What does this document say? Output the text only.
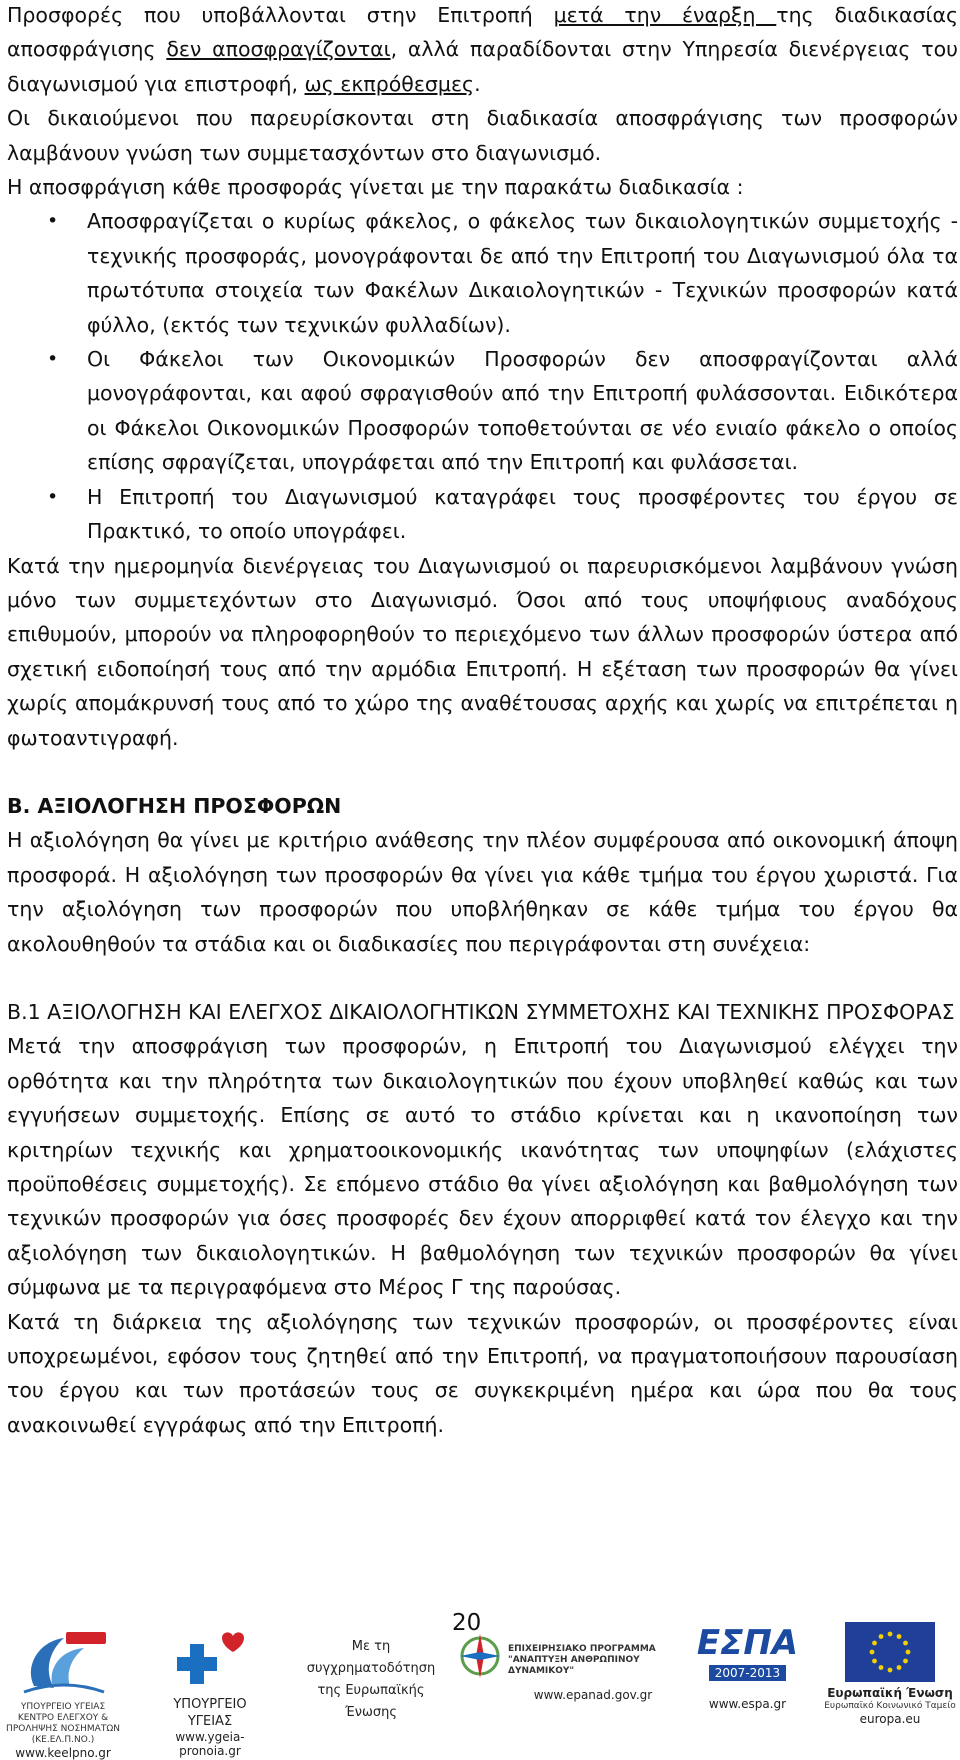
Προσφορές που υποβάλλονται στην Επιτροπή μετά την έναρξη της διαδικασίας αποσφράγισης δεν αποσφραγίζονται, αλλά παραδίδονται στην Υπηρεσία διενέργειας του διαγωνισμού για επιστροφή, ως εκπρόθεσμες.

Οι δικαιούμενοι που παρευρίσκονται στη διαδικασία αποσφράγισης των προσφορών λαμβάνουν γνώση των συμμετασχόντων στο διαγωνισμό.

Η αποσφράγιση κάθε προσφοράς γίνεται με την παρακάτω διαδικασία :

• Αποσφραγίζεται ο κυρίως φάκελος, ο φάκελος των δικαιολογητικών συμμετοχής - τεχνικής προσφοράς, μονογράφονται δε από την Επιτροπή του Διαγωνισμού όλα τα πρωτότυπα στοιχεία των Φακέλων Δικαιολογητικών - Τεχνικών προσφορών κατά φύλλο, (εκτός των τεχνικών φυλλαδίων).
• Οι Φάκελοι των Οικονομικών Προσφορών δεν αποσφραγίζονται αλλά μονογράφονται, και αφού σφραγισθούν από την Επιτροπή φυλάσσονται. Ειδικότερα οι Φάκελοι Οικονομικών Προσφορών τοποθετούνται σε νέο ενιαίο φάκελο ο οποίος επίσης σφραγίζεται, υπογράφεται από την Επιτροπή και φυλάσσεται.
• Η Επιτροπή του Διαγωνισμού καταγράφει τους προσφέροντες του έργου σε Πρακτικό, το οποίο υπογράφει.

Κατά την ημερομηνία διενέργειας του Διαγωνισμού οι παρευρισκόμενοι λαμβάνουν γνώση μόνο των συμμετεχόντων στο Διαγωνισμό. Όσοι από τους υποψήφιους αναδόχους επιθυμούν, μπορούν να πληροφορηθούν το περιεχόμενο των άλλων προσφορών ύστερα από σχετική ειδοποίησή τους από την αρμόδια Επιτροπή. Η εξέταση των προσφορών θα γίνει χωρίς απομάκρυνσή τους από το χώρο της αναθέτουσας αρχής και χωρίς να επιτρέπεται η φωτοαντιγραφή.

Β. ΑΞΙΟΛΟΓΗΣΗ ΠΡΟΣΦΟΡΩΝ

Η αξιολόγηση θα γίνει με κριτήριο ανάθεσης την πλέον συμφέρουσα από οικονομική άποψη προσφορά. Η αξιολόγηση των προσφορών θα γίνει για κάθε τμήμα του έργου χωριστά. Για την αξιολόγηση των προσφορών που υποβλήθηκαν σε κάθε τμήμα του έργου θα ακολουθηθούν τα στάδια και οι διαδικασίες που περιγράφονται στη συνέχεια:

Β.1 ΑΞΙΟΛΟΓΗΣΗ ΚΑΙ ΕΛΕΓΧΟΣ ΔΙΚΑΙΟΛΟΓΗΤΙΚΩΝ ΣΥΜΜΕΤΟΧΗΣ ΚΑΙ ΤΕΧΝΙΚΗΣ ΠΡΟΣΦΟΡΑΣ

Μετά την αποσφράγιση των προσφορών, η Επιτροπή του Διαγωνισμού ελέγχει την ορθότητα και την πληρότητα των δικαιολογητικών που έχουν υποβληθεί καθώς και των εγγυήσεων συμμετοχής. Επίσης σε αυτό το στάδιο κρίνεται και η ικανοποίηση των κριτηρίων τεχνικής και χρηματοοικονομικής ικανότητας των υποψηφίων (ελάχιστες προϋποθέσεις συμμετοχής). Σε επόμενο στάδιο θα γίνει αξιολόγηση και βαθμολόγηση των τεχνικών προσφορών για όσες προσφορές δεν έχουν απορριφθεί κατά τον έλεγχο και την αξιολόγηση των δικαιολογητικών. Η βαθμολόγηση των τεχνικών προσφορών θα γίνει σύμφωνα με τα περιγραφόμενα στο Μέρος Γ της παρούσας.

Κατά τη διάρκεια της αξιολόγησης των τεχνικών προσφορών, οι προσφέροντες είναι υποχρεωμένοι, εφόσον τους ζητηθεί από την Επιτροπή, να πραγματοποιήσουν παρουσίαση του έργου και των προτάσεών τους σε συγκεκριμένη ημέρα και ώρα που θα τους ανακοινωθεί εγγράφως από την Επιτροπή.

20
ΥΠΟΥΡΓΕΙΟ ΥΓΕΙΑΣ ΚΕΝΤΡΟ ΕΛΕΓΧΟΥ & ΠΡΟΛΗΨΗΣ ΝΟΣΗΜΑΤΩΝ (ΚΕ.ΕΛ.Π.ΝΟ.)
www.keelpno.gr
ΥΠΟΥΡΓΕΙΟ ΥΓΕΙΑΣ
www.ygeia-pronoia.gr
Με τη συγχρηματοδότηση της Ευρωπαϊκής Ένωσης
ΕΠΙΧΕΙΡΗΣΙΑΚΟ ΠΡΟΓΡΑΜΜΑ "ΑΝΑΠΤΥΞΗ ΑΝΘΡΩΠΙΝΟΥ ΔΥΝΑΜΙΚΟΥ"
www.epanad.gov.gr
ΕΣΠΑ
2007-2013
www.espa.gr
Ευρωπαϊκή Ένωση
Ευρωπαϊκό Κοινωνικό Ταμείο
europa.eu
